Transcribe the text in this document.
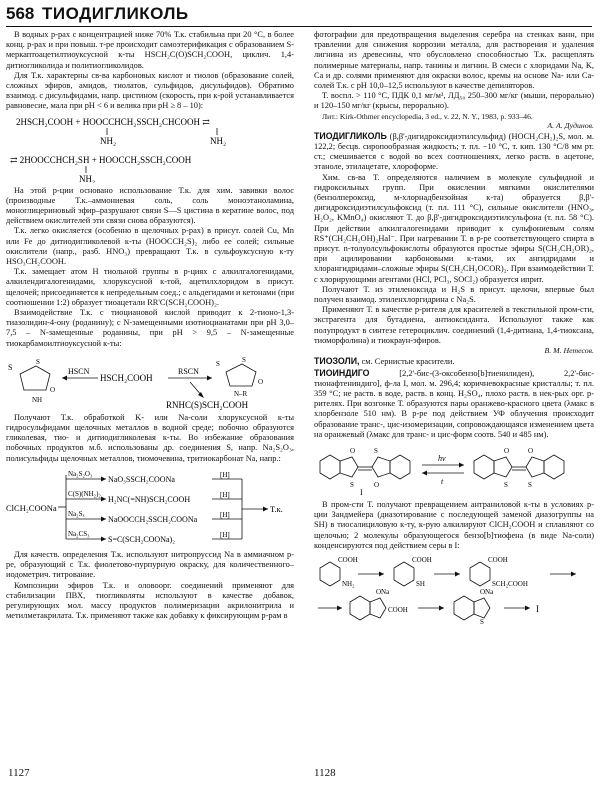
568 ТИОДИГЛИКОЛЬ

В водных р-рах с концентрацией ниже 70% Т.к. стабильна при 20 °С, в более конц. р-рах и при повыш. т-ре происходит самоэтерификация с образованием S-меркаптоацетилтиоуксусной к-ты HSCH₂C(O)SCH₂COOH, циклич. 1,4-дитиогликолида и политиогликолидов.

Для Т.к. характерны св-ва карбоновых кислот и тиолов (образование солей, сложных эфиров, амидов, тиолатов, сульфидов, дисульфидов). Обратимо взаимод. с дисульфидами, напр. цистином (скорость, при к-рой устанавливается равновесие, мала при pH < 6 и велика при pH ≥ 8 – 10):

2HSCH₂COOH + HOOCCHCH₂SSCH₂CHCOOH ⇄
NH₂	NH₂
⇄ 2HOOCCHCH₂SH + HOOCCH₂SSCH₂COOH
NH₂

На этой р-ции основано использование Т.к. для хим. завивки волос (производные Т.к.–аммониевая соль, соль моноэтаноламина, моноглицериновый эфир–разрушают связи S—S цистина в кератине волос, под действием окислителей эти связи снова образуются).

Т.к. легко окисляется (особенно в щелочных р-рах) в присут. солей Cu, Mn или Fe до дитиодигликолевой к-ты (HOOCCH₂S)₂ либо ее солей; сильные окислители (напр., разб. HNO₃) превращают Т.к. в сульфоуксусную к-ту HSO₃CH₂COOH.

Т.к. замещает атом Н тиольной группы в р-циях с алкилгалогенидами, алкилендигалогенидами, хлоруксусной к-той, ацетилхлоридом в присут. щелочей; присоединяется к непредельным соед.; с альдегидами и кетонами (при соотношении 1:2) образует тиоацетали RR'C(SCH₂COOH)₂.

Взаимодействие Т.к. с тиоциановой кислой приводит к 2-тионо-1,3-тиазолидин-4-ону (роданину); с N-замещенными изотиоцианатами при pH 3,0–7,5 – N-замещенные роданины, при pH > 9,5 – N-замещенные тиокарбамоилтиоуксусной к-ты:

S
S
NH
O
HSCN
HSCH₂COOH
RSCN
S	S
N–R
O
RNHC(S)SCH₂COOH

Получают Т.к. обработкой K- или Na-соли хлоруксусной к-ты гидросульфидами щелочных металлов в водной среде; побочно образуются гликолевая, тио- и дитиодигликолевая к-ты. Во избежание образования побочных продуктов м.б. использованы др. соединения S, напр. Na₂S₂O₃, полисульфиды щелочных металлов, тиомочевина, тритиокарбонат Na, напр.:

ClCH₂COONa
Na₂S₂O₃
NaO₃SSCH₂COONa	[H]
C(S)(NH₂)₂
H₂NC(=NH)SCH₂COOH	[H]
Na₂Sₓ
NaOOCCH₂SSCH₂COONa	[H]
Na₂CS₃
S=C(SCH₂COONa)₂	[H]
Т.к.

Для качеств. определения Т.к. используют нитропруссид Na в аммиачном р-ре, образующий с Т.к. фиолетово-пурпурную окраску, для количественного–иодометрич. титрование.

Композиции эфиров Т.к. и оловоорг. соединений применяют для стабилизации ПВХ, тиогликоляты используют в качестве добавок, регулирующих мол. массу продуктов полимеризации акрилонитрила и метилметакрилата. Т.к. применяют также как добавку к фиксирующим р-рам в

фотографии для предотвращения выделения серебра на стенках ванн, при травлении для снижения коррозии металла, для растворения и удаления лигнина из древесины, что обусловлено способностью Т.к. расщеплять полимерные материалы, напр. танины и лигнин. В смеси с хлоридами Na, K, Ca и др. солями применяют для окраски волос, кремы на основе Na- или Ca-солей Т.к. с pH 10,0–12,5 используют в качестве депиляторов.

Т. воспл. > 110 °С, ПДК 0,1 мг/м³, ЛД₅₀ 250–300 мг/кг (мыши, перорально) и 120–150 мг/кг (крысы, перорально).

Лит.: Kirk-Othmer encyclopedia, 3 ed., v. 22, N. Y., 1983, p. 933–46.

А. А. Дудинов.

ТИОДИГЛИКОЛЬ (β,β'-дигидроксидиэтилсульфид) (HOCH₂CH₂)₂S, мол. м. 122,2; бесцв. сиропообразная жидкость; т. пл. −10 °С, т. кип. 130 °С/8 мм рт. ст.; смешивается с водой во всех соотношениях, легко раств. в ацетоне, этаноле, этилацетате, хлороформе.

Хим. св-ва Т. определяются наличием в молекуле сульфидной и гидроксильных групп. При окислении мягкими окислителями (бензолпероксид, м-хлорнадбензойная к-та) образуется β,β'-дигидроксидиэтилсульфоксид (т. пл. 111 °С), сильные окислители (HNO₃, H₂O₂, KMnO₄) окисляют Т. до β,β'-дигидроксидиэтилсульфона (т. пл. 58 °С). При действии алкилгалогенидами приводит к сульфониевым солям RS⁺(CH₂CH₂OH)₂Hal⁻. При нагревании Т. в р-ре соответствующего спирта в присут. n-толуолсульфокислоты образуются простые эфиры S(CH₂CH₂OR)₂, при ацилировании карбоновыми к-тами, их ангидридами и хлорангидридами–сложные эфиры S(CH₂CH₂OCOR)₂. При взаимодействии Т. с хлорирующими агентами (HCl, PCl₃, SOCl₂) образуется иприт.

Получают Т. из этиленоксида и H₂S в присут. щелочи, впервые был получен взаимод. этиленхлоргидрина с Na₂S.

Применяют Т. в качестве р-рителя для красителей в текстильной пром-сти, экстрагента для бутадиена, антиоксиданта. Используют также как полупродукт в синтезе гетероциклич. соединений (1,4-дитиана, 1,4-тиоксана, тиоморфолина) и тиокраун-эфиров.

В. М. Нетесов.

ТИОЗОЛИ, см. Сернистые красители.

ТИОИНДИГО	[2,2'-бис-(3-оксобензо[b]тиенилиден), 2,2'-бис-тионафтениндиго], ф-ла I, мол. м. 296,4; коричневокрасные кристаллы; т. пл. 359 °С; не раств. в воде, раств. в конц. H₂SO₄, плохо раств. в нек-рых орг. р-рителях. При возгонке Т. образуются пары оранжево-красного цвета (λмакс в хлорбензоле 510 нм). В р-ре под действием УФ облучения происходит образование транс-, цис-изомеризации, сопровождающаяся изменением цвета на оранжевый (λмакс для транс- и цис-форм соотв. 540 и 485 нм).

O
S
S
O
I
hν
t
O
S
O
S

В пром-сти Т. получают превращением антраниловой к-ты в условиях р-ции Зандмейера (диазотирование с последующей заменой диазогруппы на SH) в тиосалициловую к-ту, к-рую алкилируют ClCH₂COOH и сплавляют со щелочью; 2 молекулы образующегося бензо[b]тиофена (в виде Na-соли) конденсируются под действием серы в I:

COOH
NH₂
COOH
SH
COOH
SCH₂COOH
ONa
COOH
ONa
S
I
1127	1128
